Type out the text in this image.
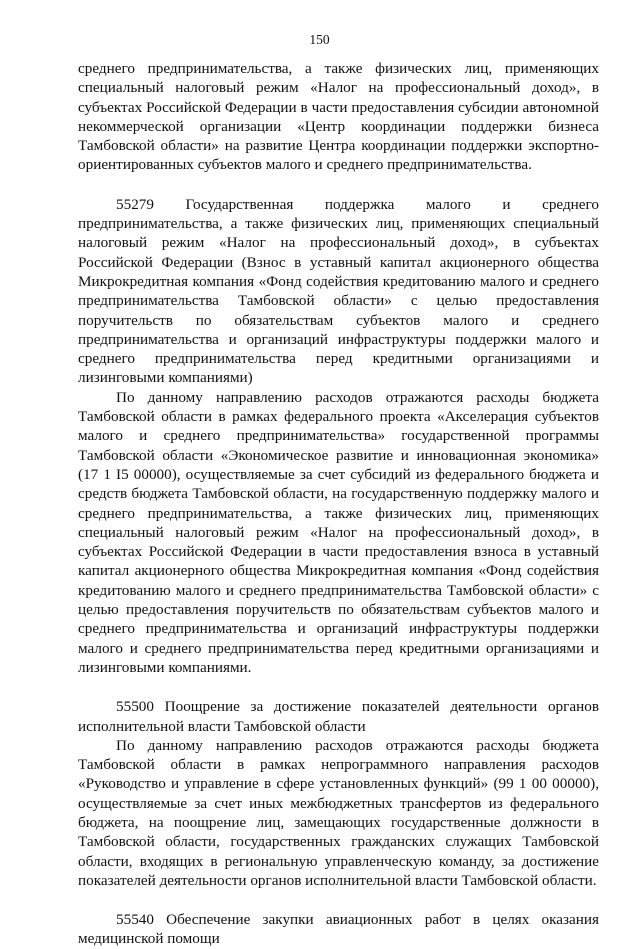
150

среднего предпринимательства, а также физических лиц, применяющих специальный налоговый режим «Налог на профессиональный доход», в субъектах Российской Федерации в части предоставления субсидии автономной некоммерческой организации «Центр координации поддержки бизнеса Тамбовской области» на развитие Центра координации поддержки экспортно-ориентированных субъектов малого и среднего предпринимательства.

55279 Государственная поддержка малого и среднего предпринимательства, а также физических лиц, применяющих специальный налоговый режим «Налог на профессиональный доход», в субъектах Российской Федерации (Взнос в уставный капитал акционерного общества Микрокредитная компания «Фонд содействия кредитованию малого и среднего предпринимательства Тамбовской области» с целью предоставления поручительств по обязательствам субъектов малого и среднего предпринимательства и организаций инфраструктуры поддержки малого и среднего предпринимательства перед кредитными организациями и лизинговыми компаниями)

По данному направлению расходов отражаются расходы бюджета Тамбовской области в рамках федерального проекта «Акселерация субъектов малого и среднего предпринимательства» государственной программы Тамбовской области «Экономическое развитие и инновационная экономика» (17 1 I5 00000), осуществляемые за счет субсидий из федерального бюджета и средств бюджета Тамбовской области, на государственную поддержку малого и среднего предпринимательства, а также физических лиц, применяющих специальный налоговый режим «Налог на профессиональный доход», в субъектах Российской Федерации в части предоставления взноса в уставный капитал акционерного общества Микрокредитная компания «Фонд содействия кредитованию малого и среднего предпринимательства Тамбовской области» с целью предоставления поручительств по обязательствам субъектов малого и среднего предпринимательства и организаций инфраструктуры поддержки малого и среднего предпринимательства перед кредитными организациями и лизинговыми компаниями.

55500 Поощрение за достижение показателей деятельности органов исполнительной власти Тамбовской области

По данному направлению расходов отражаются расходы бюджета Тамбовской области в рамках непрограммного направления расходов «Руководство и управление в сфере установленных функций» (99 1 00 00000), осуществляемые за счет иных межбюджетных трансфертов из федерального бюджета, на поощрение лиц, замещающих государственные должности в Тамбовской области, государственных гражданских служащих Тамбовской области, входящих в региональную управленческую команду, за достижение показателей деятельности органов исполнительной власти Тамбовской области.

55540 Обеспечение закупки авиационных работ в целях оказания медицинской помощи
